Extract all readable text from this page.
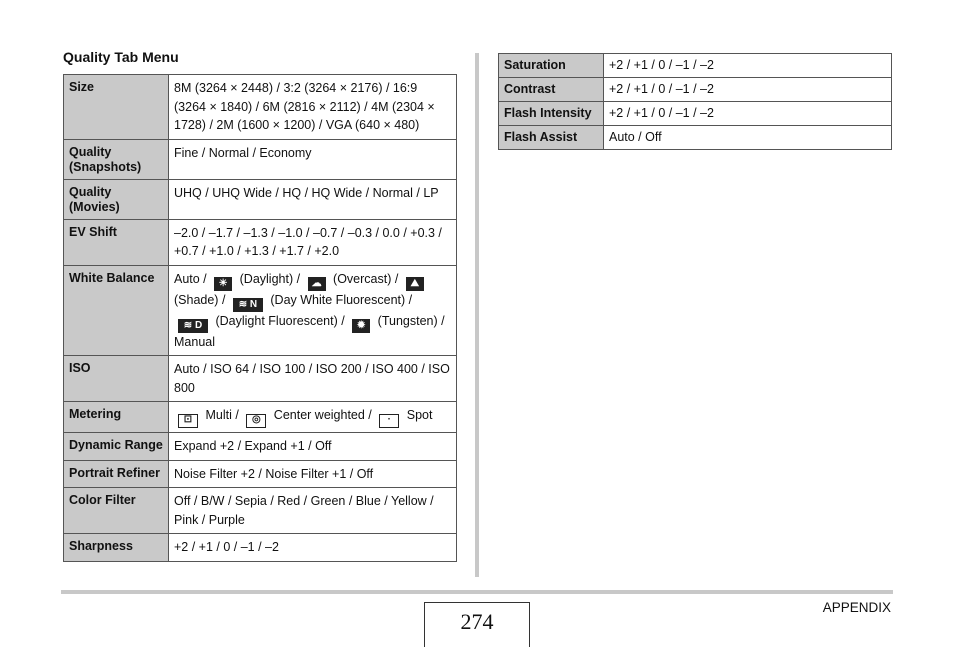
Quality Tab Menu
Size	8M (3264 × 2448) / 3:2 (3264 × 2176) / 16:9 (3264 × 1840) / 6M (2816 × 2112) / 4M (2304 × 1728) / 2M (1600 × 1200) / VGA (640 × 480)
Quality (Snapshots)	Fine / Normal / Economy
Quality (Movies)	UHQ / UHQ Wide / HQ / HQ Wide / Normal / LP
EV Shift	–2.0 / –1.7 / –1.3 / –1.0 / –0.7 / –0.3 / 0.0 / +0.3 / +0.7 / +1.0 / +1.3 / +1.7 / +2.0
White Balance	Auto / ☀ (Daylight) / ☁ (Overcast) / ⛰ (Shade) / ≋ N (Day White Fluorescent) / ≋ D (Daylight Fluorescent) / ✹ (Tungsten) / Manual
ISO	Auto / ISO 64 / ISO 100 / ISO 200 / ISO 400 / ISO 800
Metering	⊡ Multi / ◎ Center weighted / · Spot
Dynamic Range	Expand +2 / Expand +1 / Off
Portrait Refiner	Noise Filter +2 / Noise Filter +1 / Off
Color Filter	Off / B/W / Sepia / Red / Green / Blue / Yellow / Pink / Purple
Sharpness	+2 / +1 / 0 / –1 / –2
Saturation	+2 / +1 / 0 / –1 / –2
Contrast	+2 / +1 / 0 / –1 / –2
Flash Intensity	+2 / +1 / 0 / –1 / –2
Flash Assist	Auto / Off
274
APPENDIX
